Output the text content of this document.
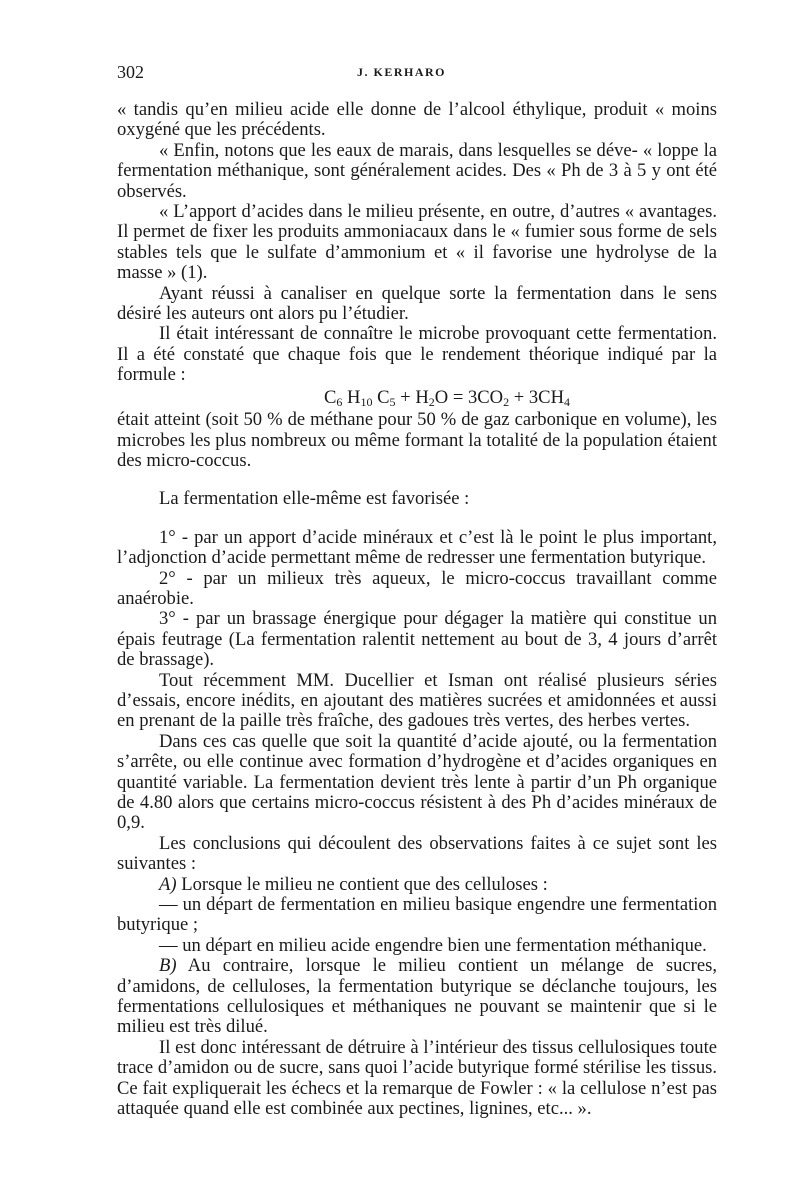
302	J. KERHARO

« tandis qu’en milieu acide elle donne de l’alcool éthylique, produit « moins oxygéné que les précédents.

« Enfin, notons que les eaux de marais, dans lesquelles se déve- « loppe la fermentation méthanique, sont généralement acides. Des « Ph de 3 à 5 y ont été observés.

« L’apport d’acides dans le milieu présente, en outre, d’autres « avantages. Il permet de fixer les produits ammoniacaux dans le « fumier sous forme de sels stables tels que le sulfate d’ammonium et « il favorise une hydrolyse de la masse » (1).

Ayant réussi à canaliser en quelque sorte la fermentation dans le sens désiré les auteurs ont alors pu l’étudier.

Il était intéressant de connaître le microbe provoquant cette fermentation. Il a été constaté que chaque fois que le rendement théorique indiqué par la formule :

$C_6$ $H_{10}$ $C_5 + H_2O = 3CO_2 + 3CH_4$

était atteint (soit 50 % de méthane pour 50 % de gaz carbonique en volume), les microbes les plus nombreux ou même formant la totalité de la population étaient des micro-coccus.

La fermentation elle-même est favorisée :

1° - par un apport d’acide minéraux et c’est là le point le plus important, l’adjonction d’acide permettant même de redresser une fermentation butyrique.

2° - par un milieux très aqueux, le micro-coccus travaillant comme anaérobie.

3° - par un brassage énergique pour dégager la matière qui constitue un épais feutrage (La fermentation ralentit nettement au bout de 3, 4 jours d’arrêt de brassage).

Tout récemment MM. Ducellier et Isman ont réalisé plusieurs séries d’essais, encore inédits, en ajoutant des matières sucrées et amidonnées et aussi en prenant de la paille très fraîche, des gadoues très vertes, des herbes vertes.

Dans ces cas quelle que soit la quantité d’acide ajouté, ou la fermentation s’arrête, ou elle continue avec formation d’hydrogène et d’acides organiques en quantité variable. La fermentation devient très lente à partir d’un Ph organique de 4.80 alors que certains micro-coccus résistent à des Ph d’acides minéraux de 0,9.

Les conclusions qui découlent des observations faites à ce sujet sont les suivantes :

A) Lorsque le milieu ne contient que des celluloses :

— un départ de fermentation en milieu basique engendre une fermentation butyrique ;

— un départ en milieu acide engendre bien une fermentation méthanique.

B) Au contraire, lorsque le milieu contient un mélange de sucres, d’amidons, de celluloses, la fermentation butyrique se déclanche toujours, les fermentations cellulosiques et méthaniques ne pouvant se maintenir que si le milieu est très dilué.

Il est donc intéressant de détruire à l’intérieur des tissus cellulosiques toute trace d’amidon ou de sucre, sans quoi l’acide butyrique formé stérilise les tissus. Ce fait expliquerait les échecs et la remarque de Fowler : « la cellulose n’est pas attaquée quand elle est combinée aux pectines, lignines, etc... ».
